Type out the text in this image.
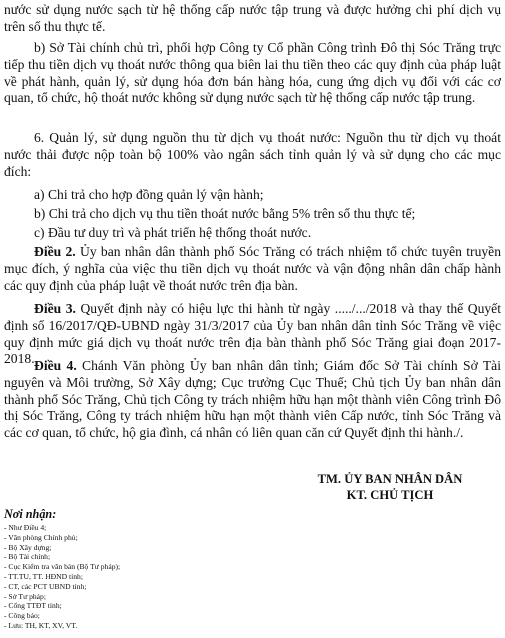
nước sử dụng nước sạch từ hệ thống cấp nước tập trung và được hưởng chi phí dịch vụ trên số thu thực tế.

b) Sở Tài chính chủ trì, phối hợp Công ty Cổ phần Công trình Đô thị Sóc Trăng trực tiếp thu tiền dịch vụ thoát nước thông qua biên lai thu tiền theo các quy định của pháp luật về phát hành, quản lý, sử dụng hóa đơn bán hàng hóa, cung ứng dịch vụ đối với các cơ quan, tổ chức, hộ thoát nước không sử dụng nước sạch từ hệ thống cấp nước tập trung.

6. Quản lý, sử dụng nguồn thu từ dịch vụ thoát nước: Nguồn thu từ dịch vụ thoát nước thải được nộp toàn bộ 100% vào ngân sách tỉnh quản lý và sử dụng cho các mục đích:

a) Chi trả cho hợp đồng quản lý vận hành;

b) Chi trả cho dịch vụ thu tiền thoát nước bằng 5% trên số thu thực tế;

c) Đầu tư duy trì và phát triển hệ thống thoát nước.

Điều 2. Ủy ban nhân dân thành phố Sóc Trăng có trách nhiệm tổ chức tuyên truyền mục đích, ý nghĩa của việc thu tiền dịch vụ thoát nước và vận động nhân dân chấp hành các quy định của pháp luật về thoát nước trên địa bàn.

Điều 3. Quyết định này có hiệu lực thi hành từ ngày ...../.../2018 và thay thế Quyết định số 16/2017/QĐ-UBND ngày 31/3/2017 của Ủy ban nhân dân tỉnh Sóc Trăng về việc quy định mức giá dịch vụ thoát nước trên địa bàn thành phố Sóc Trăng giai đoạn 2017-2018. Điều 4. Chánh Văn phòng Ủy ban nhân dân tỉnh; Giám đốc Sở Tài chính Sở Tài nguyên và Môi trường, Sở Xây dựng; Cục trưởng Cục Thuế; Chủ tịch Ủy ban nhân dân thành phố Sóc Trăng, Chủ tịch Công ty trách nhiệm hữu hạn một thành viên Công trình Đô thị Sóc Trăng, Công ty trách nhiệm hữu hạn một thành viên Cấp nước, tỉnh Sóc Trăng và các cơ quan, tổ chức, hộ gia đình, cá nhân có liên quan căn cứ Quyết định thi hành./.

TM. ỦY BAN NHÂN DÂN
KT. CHỦ TỊCH
Nơi nhận:
- Như Điều 4;
- Văn phòng Chính phủ;
- Bộ Xây dựng;
- Bộ Tài chính;
- Cục Kiểm tra văn bản (Bộ Tư pháp);
- TT.TU, TT. HĐND tỉnh;
- CT, các PCT UBND tỉnh;
- Sở Tư pháp;
- Cổng TTĐT tỉnh;
- Công báo;
- Lưu: TH, KT, XV, VT.
